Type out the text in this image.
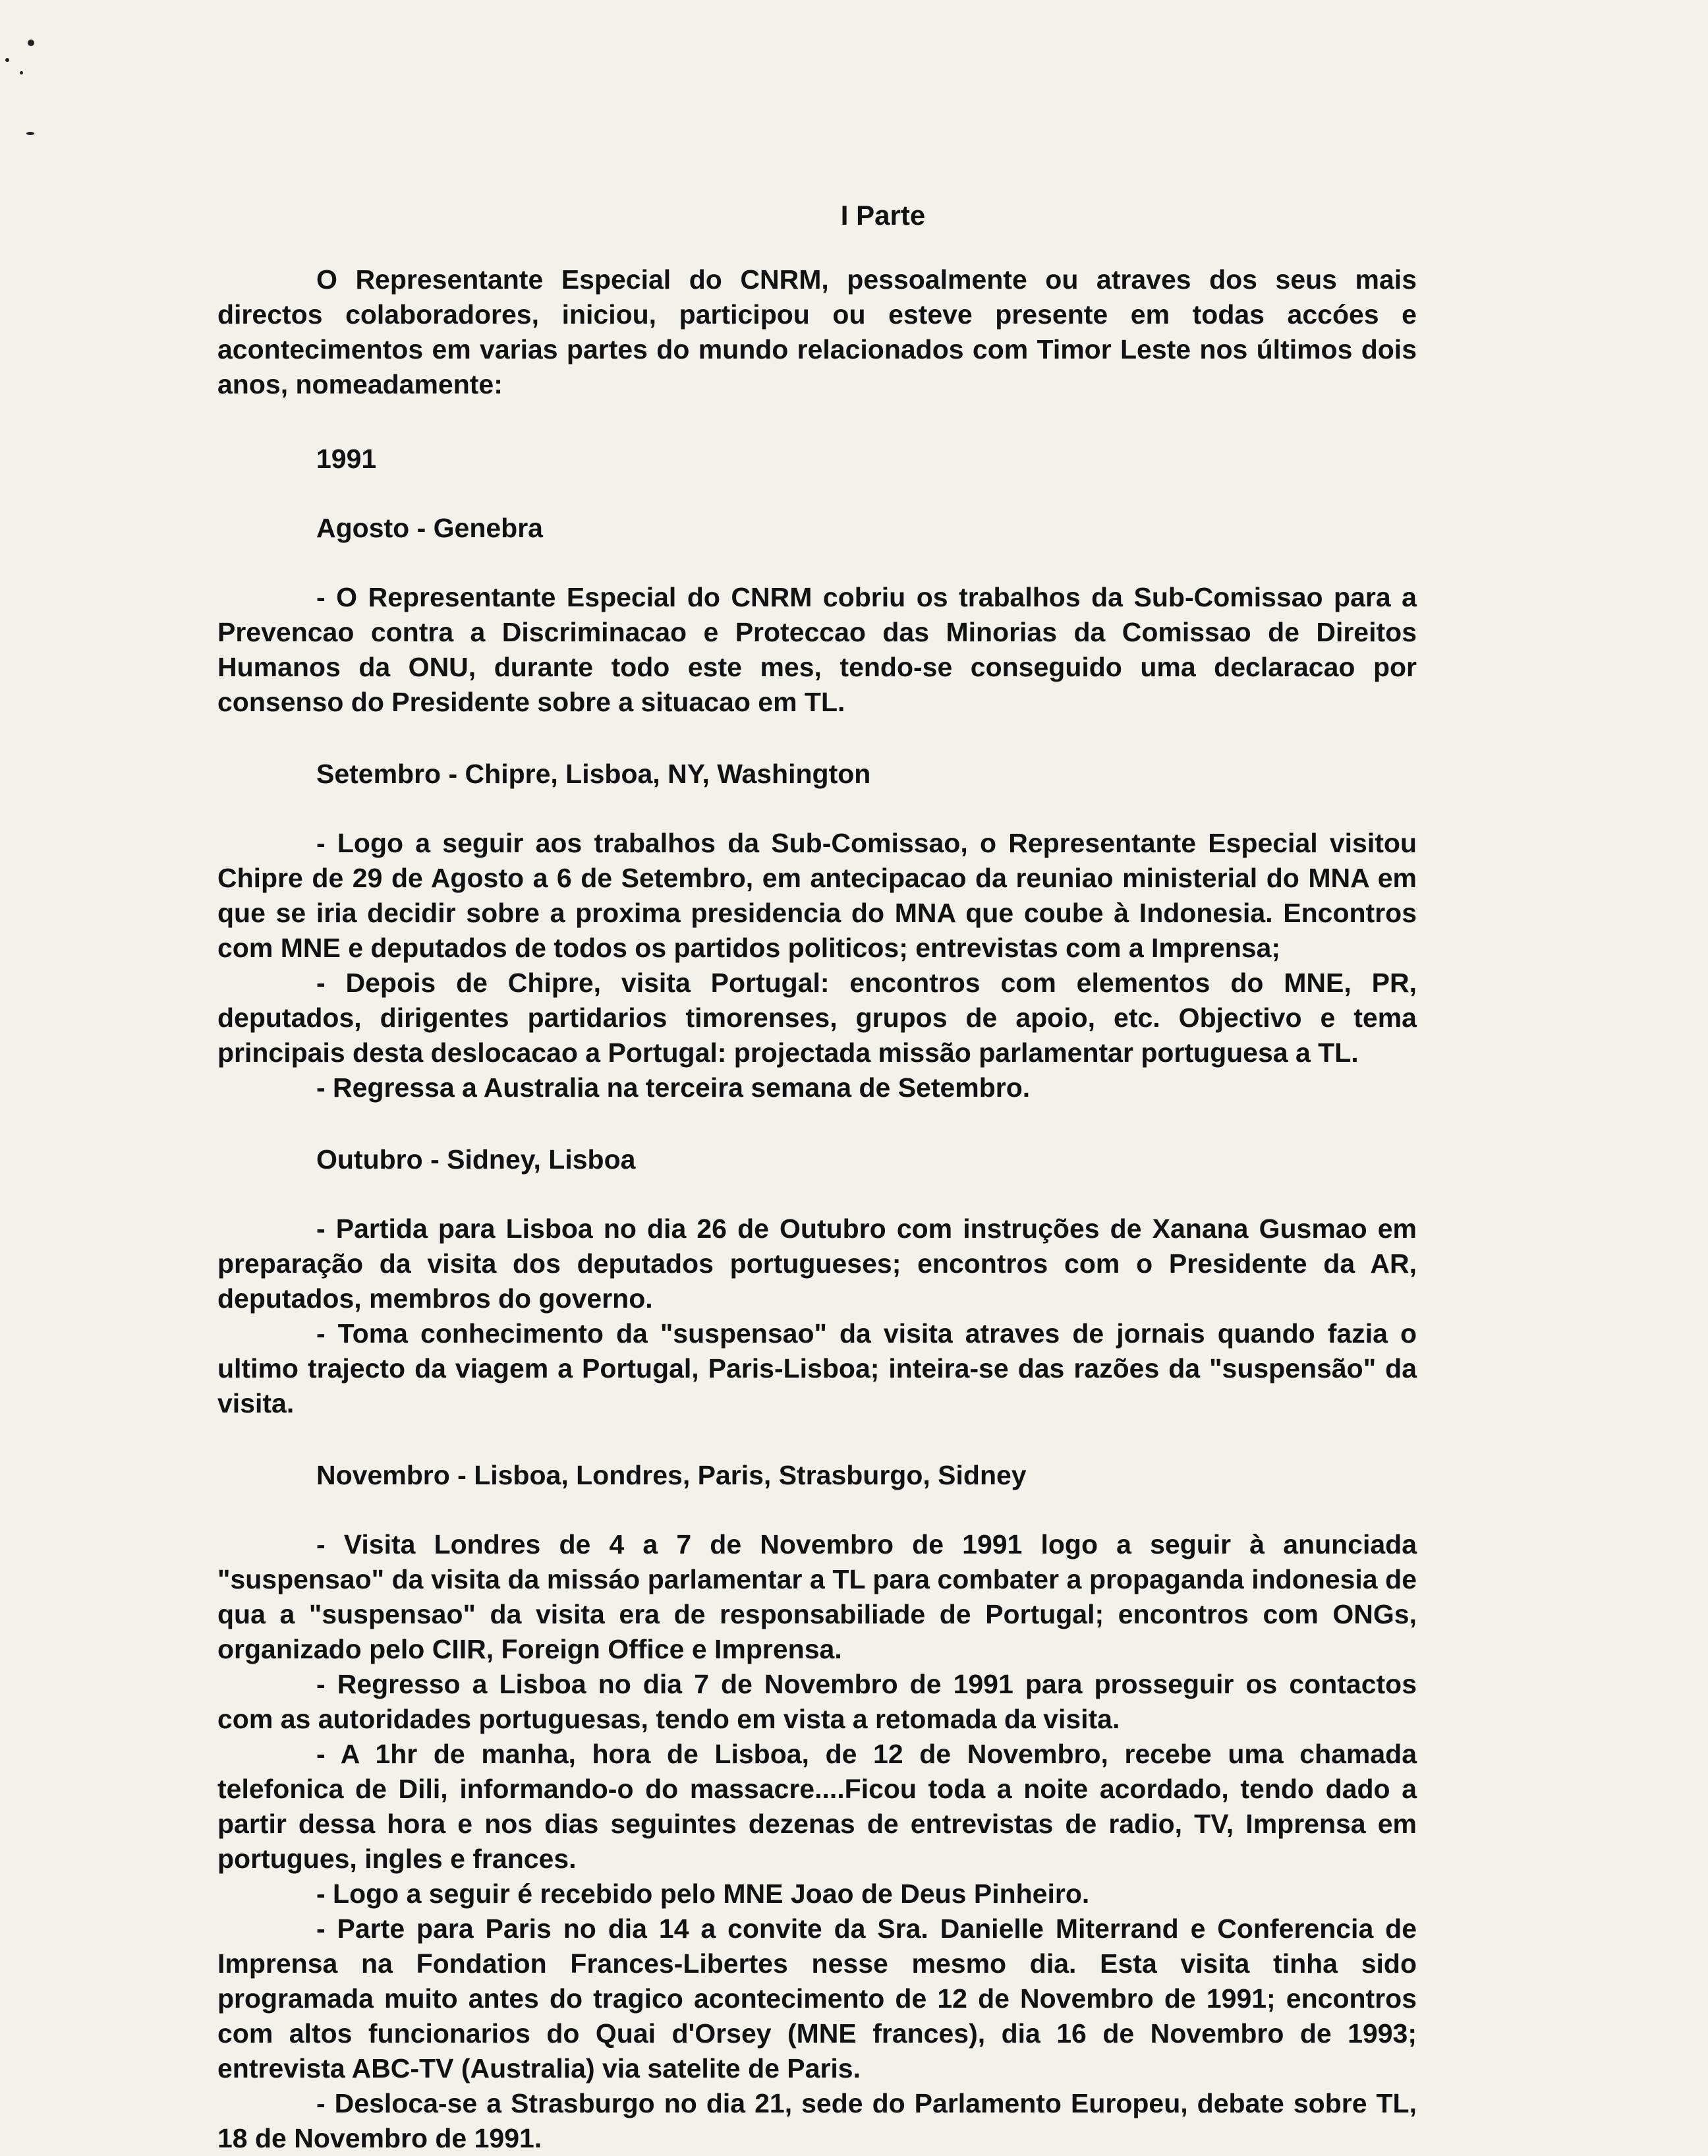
I Parte

O Representante Especial do CNRM, pessoalmente ou atraves dos seus mais directos colaboradores, iniciou, participou ou esteve presente em todas accóes e acontecimentos em varias partes do mundo relacionados com Timor Leste nos últimos dois anos, nomeadamente:

1991
Agosto - Genebra

- O Representante Especial do CNRM cobriu os trabalhos da Sub-Comissao para a Prevencao contra a Discriminacao e Proteccao das Minorias da Comissao de Direitos Humanos da ONU, durante todo este mes, tendo-se conseguido uma declaracao por consenso do Presidente sobre a situacao em TL.

Setembro - Chipre, Lisboa, NY, Washington

- Logo a seguir aos trabalhos da Sub-Comissao, o Representante Especial visitou Chipre de 29 de Agosto a 6 de Setembro, em antecipacao da reuniao ministerial do MNA em que se iria decidir sobre a proxima presidencia do MNA que coube à Indonesia. Encontros com MNE e deputados de todos os partidos politicos; entrevistas com a Imprensa;

- Depois de Chipre, visita Portugal: encontros com elementos do MNE, PR, deputados, dirigentes partidarios timorenses, grupos de apoio, etc. Objectivo e tema principais desta deslocacao a Portugal: projectada missão parlamentar portuguesa a TL.

- Regressa a Australia na terceira semana de Setembro.

Outubro - Sidney, Lisboa

- Partida para Lisboa no dia 26 de Outubro com instruções de Xanana Gusmao em preparação da visita dos deputados portugueses; encontros com o Presidente da AR, deputados, membros do governo.

- Toma conhecimento da "suspensao" da visita atraves de jornais quando fazia o ultimo trajecto da viagem a Portugal, Paris-Lisboa; inteira-se das razões da "suspensão" da visita.

Novembro - Lisboa, Londres, Paris, Strasburgo, Sidney

- Visita Londres de 4 a 7 de Novembro de 1991 logo a seguir à anunciada "suspensao" da visita da missáo parlamentar a TL para combater a propaganda indonesia de qua a "suspensao" da visita era de responsabiliade de Portugal; encontros com ONGs, organizado pelo CIIR, Foreign Office e Imprensa.

- Regresso a Lisboa no dia 7 de Novembro de 1991 para prosseguir os contactos com as autoridades portuguesas, tendo em vista a retomada da visita.

- A 1hr de manha, hora de Lisboa, de 12 de Novembro, recebe uma chamada telefonica de Dili, informando-o do massacre....Ficou toda a noite acordado, tendo dado a partir dessa hora e nos dias seguintes dezenas de entrevistas de radio, TV, Imprensa em portugues, ingles e frances.

- Logo a seguir é recebido pelo MNE Joao de Deus Pinheiro.

- Parte para Paris no dia 14 a convite da Sra. Danielle Miterrand e Conferencia de Imprensa na Fondation Frances-Libertes nesse mesmo dia. Esta visita tinha sido programada muito antes do tragico acontecimento de 12 de Novembro de 1991; encontros com altos funcionarios do Quai d'Orsey (MNE frances), dia 16 de Novembro de 1993; entrevista ABC-TV (Australia) via satelite de Paris.

- Desloca-se a Strasburgo no dia 21, sede do Parlamento Europeu, debate sobre TL, 18 de Novembro de 1991.
